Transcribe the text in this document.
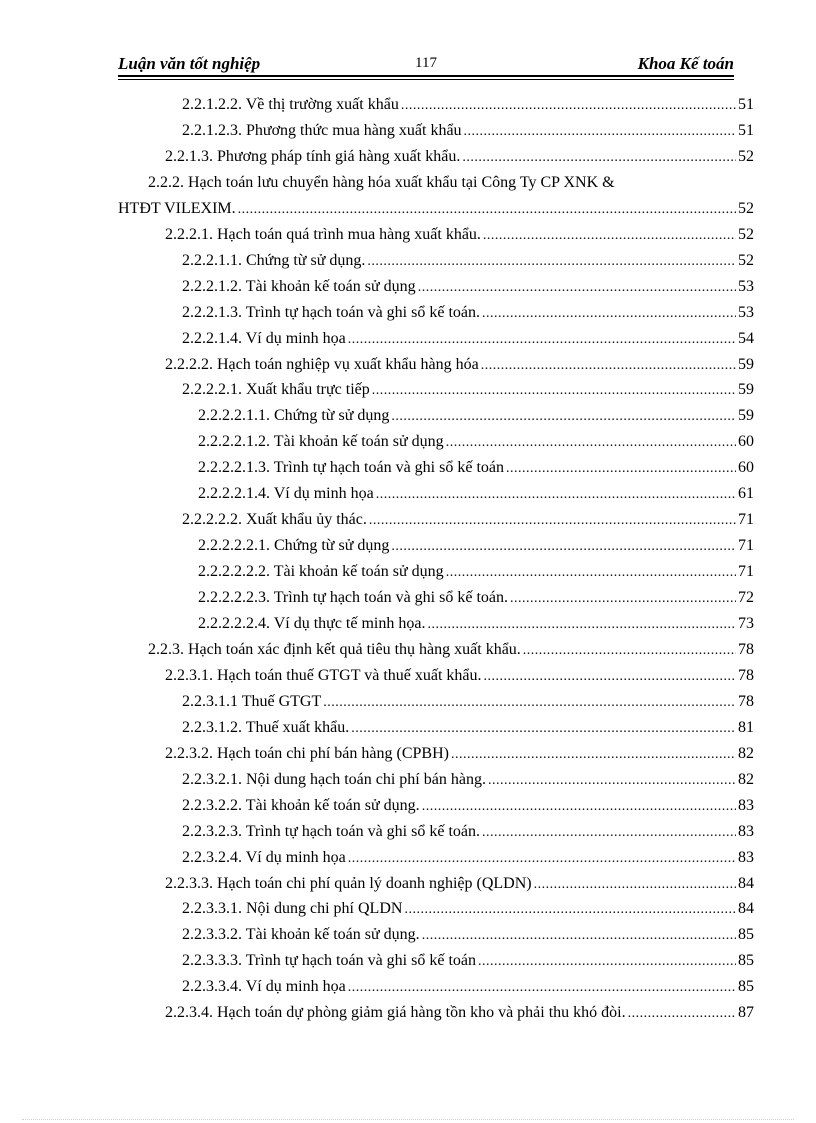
Luận văn tốt nghiệp	117	Khoa Kế toán
2.2.1.2.2. Về thị trường xuất khẩu .....	51
2.2.1.2.3. Phương thức mua hàng xuất khẩu .....	51
2.2.1.3. Phương pháp tính giá hàng xuất khẩu. .....	52
2.2.2. Hạch toán lưu chuyển hàng hóa xuất khẩu tại Công Ty CP XNK &
HTĐT VILEXIM. .....	52
2.2.2.1. Hạch toán quá trình mua hàng xuất khẩu. .....	52
2.2.2.1.1. Chứng từ sử dụng. .....	52
2.2.2.1.2. Tài khoản kế toán sử dụng .....	53
2.2.2.1.3. Trình tự hạch toán và ghi sổ kế toán. .....	53
2.2.2.1.4. Ví dụ minh họa .....	54
2.2.2.2. Hạch toán nghiệp vụ xuất khẩu hàng hóa .....	59
2.2.2.2.1. Xuất khẩu trực tiếp .....	59
2.2.2.2.1.1. Chứng từ sử dụng .....	59
2.2.2.2.1.2. Tài khoản kế toán sử dụng .....	60
2.2.2.2.1.3. Trình tự hạch toán và ghi sổ kế toán .....	60
2.2.2.2.1.4. Ví dụ minh họa .....	61
2.2.2.2.2. Xuất khẩu ủy thác. .....	71
2.2.2.2.2.1. Chứng từ sử dụng .....	71
2.2.2.2.2.2. Tài khoản kế toán sử dụng .....	71
2.2.2.2.2.3. Trình tự hạch toán và ghi sổ kế toán. .....	72
2.2.2.2.2.4. Ví dụ thực tế minh họa. .....	73
2.2.3. Hạch toán xác định kết quả tiêu thụ hàng xuất khẩu. .....	78
2.2.3.1. Hạch toán thuế GTGT và thuế xuất khẩu. .....	78
2.2.3.1.1 Thuế GTGT .....	78
2.2.3.1.2. Thuế xuất khẩu. .....	81
2.2.3.2. Hạch toán chi phí bán hàng (CPBH) .....	82
2.2.3.2.1. Nội dung hạch toán chi phí bán hàng. .....	82
2.2.3.2.2. Tài khoản kế toán sử dụng. .....	83
2.2.3.2.3. Trình tự hạch toán và ghi sổ kế toán. .....	83
2.2.3.2.4. Ví dụ minh họa .....	83
2.2.3.3. Hạch toán chi phí quản lý doanh nghiệp (QLDN) .....	84
2.2.3.3.1. Nội dung chi phí QLDN .....	84
2.2.3.3.2. Tài khoản kế toán sử dụng. .....	85
2.2.3.3.3. Trình tự hạch toán và ghi sổ kế toán .....	85
2.2.3.3.4. Ví dụ minh họa .....	85
2.2.3.4. Hạch toán dự phòng giảm giá hàng tồn kho và phải thu khó đòi. .....	87
